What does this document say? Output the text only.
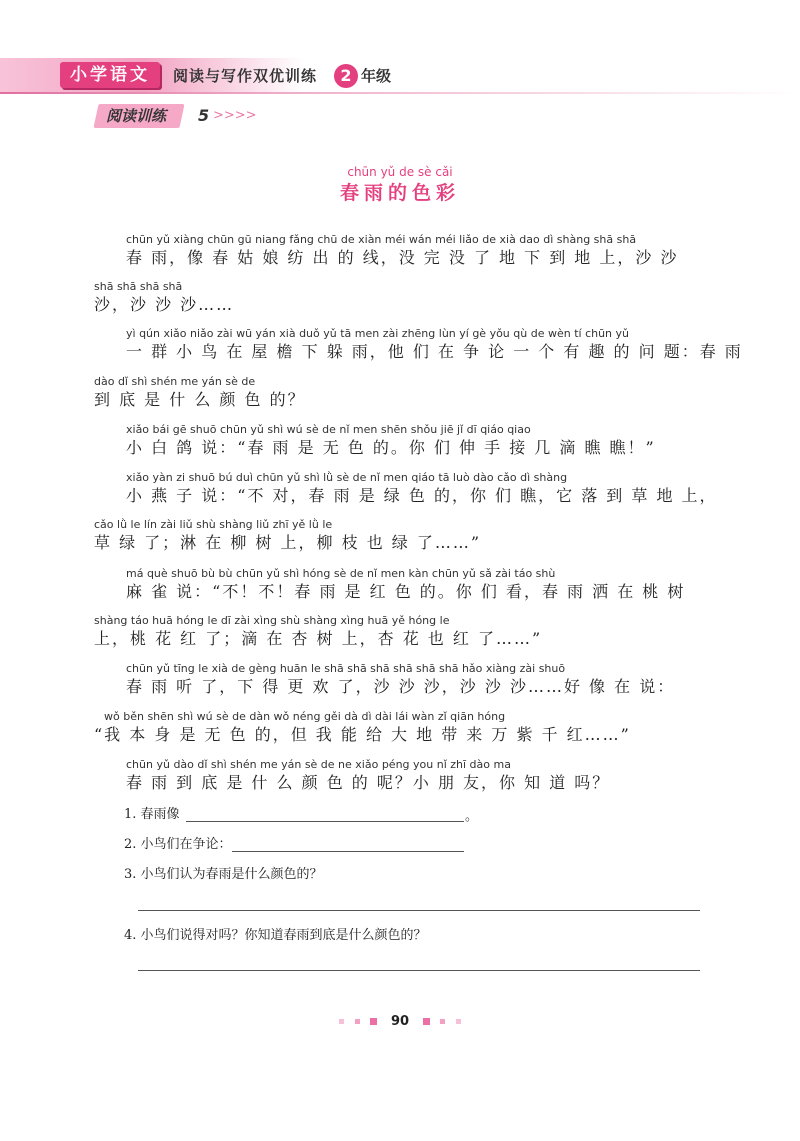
小学语文	阅读与写作双优训练	2 年级
阅读训练	5 >>>>
chūn yǔ de sè cǎi
春雨的色彩
chūn yǔ xiàng chūn gū niang fǎng chū de xiàn méi wán méi liǎo de xià dao dì shàng shā shā
春 雨，像 春 姑 娘 纺 出 的 线，没 完 没 了 地 下 到 地 上，沙 沙
shā shā shā shā
沙，沙 沙 沙……
yì qún xiǎo niǎo zài wū yán xià duǒ yǔ tā men zài zhēng lùn yí gè yǒu qù de wèn tí chūn yǔ
一 群 小 鸟 在 屋 檐 下 躲 雨，他 们 在 争 论 一 个 有 趣 的 问 题：春 雨
dào dǐ shì shén me yán sè de
到 底 是 什 么 颜 色 的？
xiǎo bái gē shuō chūn yǔ shì wú sè de nǐ men shēn shǒu jiē jǐ dī qiáo qiao
小 白 鸽 说：“春 雨 是 无 色 的。你 们 伸 手 接 几 滴 瞧 瞧！”
xiǎo yàn zi shuō bú duì chūn yǔ shì lǜ sè de nǐ men qiáo tā luò dào cǎo dì shàng
小 燕 子 说：“不 对，春 雨 是 绿 色 的，你 们 瞧，它 落 到 草 地 上，
cǎo lǜ le lín zài liǔ shù shàng liǔ zhī yě lǜ le
草 绿 了；淋 在 柳 树 上，柳 枝 也 绿 了……”
má què shuō bù bù chūn yǔ shì hóng sè de nǐ men kàn chūn yǔ sǎ zài táo shù
麻 雀 说：“不！不！春 雨 是 红 色 的。你 们 看，春 雨 洒 在 桃 树
shàng táo huā hóng le dī zài xìng shù shàng xìng huā yě hóng le
上，桃 花 红 了；滴 在 杏 树 上，杏 花 也 红 了……”
chūn yǔ tīng le xià de gèng huān le shā shā shā shā shā shā hǎo xiàng zài shuō
春 雨 听 了，下 得 更 欢 了，沙 沙 沙，沙 沙 沙……好 像 在 说：
wǒ běn shēn shì wú sè de dàn wǒ néng gěi dà dì dài lái wàn zǐ qiān hóng
“我 本 身 是 无 色 的，但 我 能 给 大 地 带 来 万 紫 千 红……”
chūn yǔ dào dǐ shì shén me yán sè de ne xiǎo péng you nǐ zhī dào ma
春 雨 到 底 是 什 么 颜 色 的 呢？小 朋 友，你 知 道 吗？
1. 春雨像	。
2. 小鸟们在争论：
3. 小鸟们认为春雨是什么颜色的？
4. 小鸟们说得对吗？你知道春雨到底是什么颜色的？
90
